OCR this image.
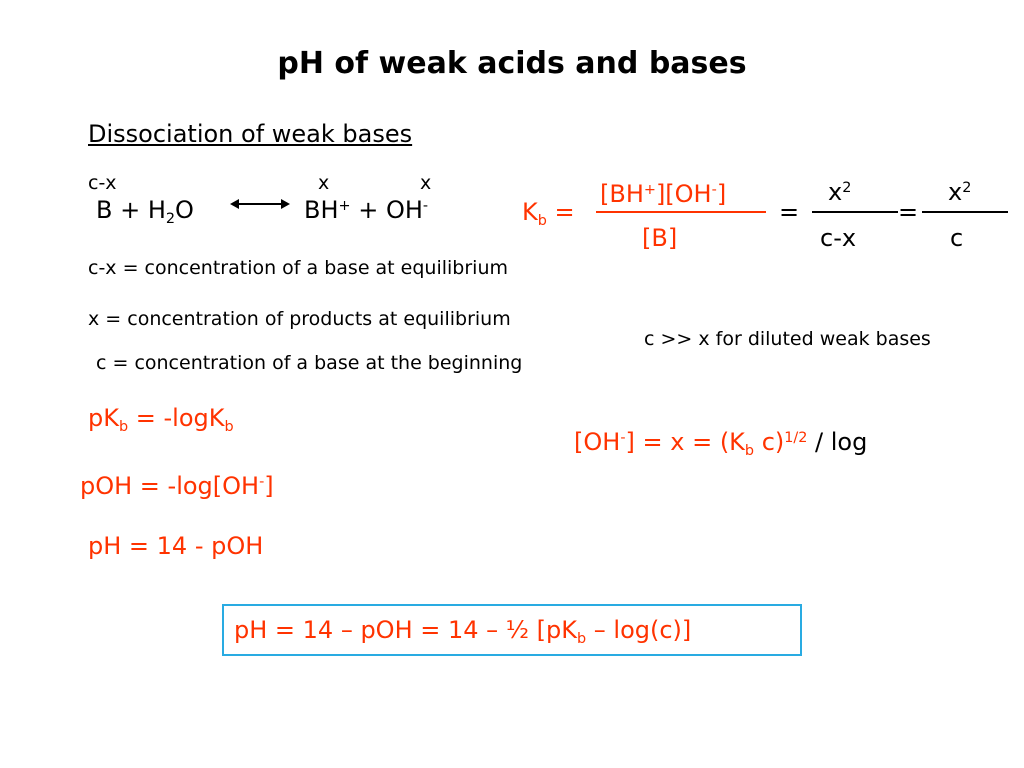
pH of weak acids and bases
Dissociation of weak bases
c-x	x	x
$B + H_2O$	BH+ + OH-	$K_b$ =
[BH+][OH-]
[B]
=
$x^2$
c-x
=
$x^2$
c
c-x = concentration of a base at equilibrium
x = concentration of products at equilibrium
c = concentration of a base at the beginning
c >> x for diluted weak bases
$pK_b = -\log K_b$
$[OH^-] = x = (K_b$ c)$^{1/2}$ / log
pOH = -log[OH-]
pH = 14 - pOH
pH = 14 – pOH = 14 – ½ $[pK_b - \log(c)]$
